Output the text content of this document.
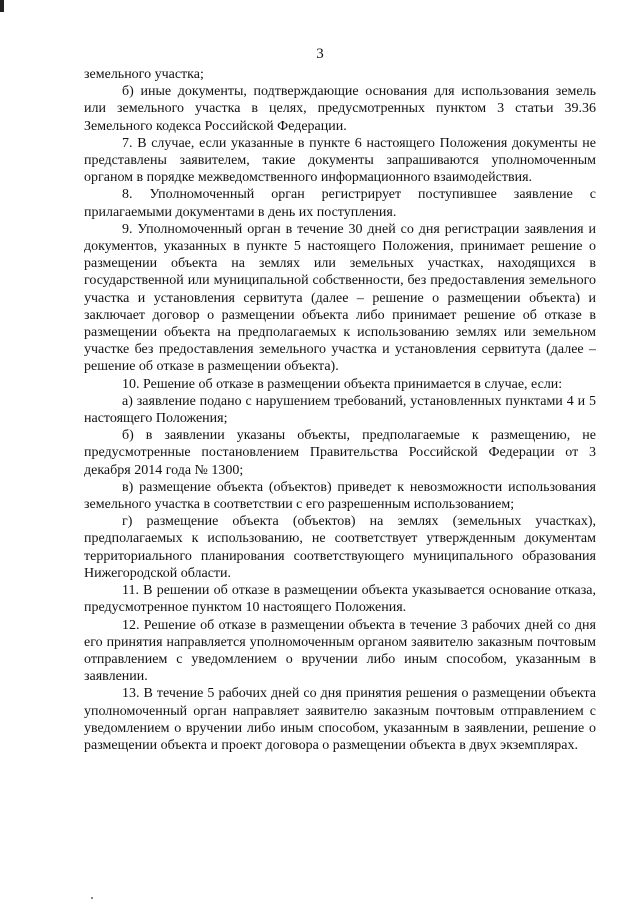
3

земельного участка;

б) иные документы, подтверждающие основания для использования земель или земельного участка в целях, предусмотренных пунктом 3 статьи 39.36 Земельного кодекса Российской Федерации.

7. В случае, если указанные в пункте 6 настоящего Положения документы не представлены заявителем, такие документы запрашиваются уполномоченным органом в порядке межведомственного информационного взаимодействия.

8. Уполномоченный орган регистрирует поступившее заявление с прилагаемыми документами в день их поступления.

9. Уполномоченный орган в течение 30 дней со дня регистрации заявления и документов, указанных в пункте 5 настоящего Положения, принимает решение о размещении объекта на землях или земельных участках, находящихся в государственной или муниципальной собственности, без предоставления земельного участка и установления сервитута (далее – решение о размещении объекта) и заключает договор о размещении объекта либо принимает решение об отказе в размещении объекта на предполагаемых к использованию землях или земельном участке без предоставления земельного участка и установления сервитута (далее – решение об отказе в размещении объекта).

10. Решение об отказе в размещении объекта принимается в случае, если:

а) заявление подано с нарушением требований, установленных пунктами 4 и 5 настоящего Положения;

б) в заявлении указаны объекты, предполагаемые к размещению, не предусмотренные постановлением Правительства Российской Федерации от 3 декабря 2014 года № 1300;

в) размещение объекта (объектов) приведет к невозможности использования земельного участка в соответствии с его разрешенным использованием;

г) размещение объекта (объектов) на землях (земельных участках), предполагаемых к использованию, не соответствует утвержденным документам территориального планирования соответствующего муниципального образования Нижегородской области.

11. В решении об отказе в размещении объекта указывается основание отказа, предусмотренное пунктом 10 настоящего Положения.

12. Решение об отказе в размещении объекта в течение 3 рабочих дней со дня его принятия направляется уполномоченным органом заявителю заказным почтовым отправлением с уведомлением о вручении либо иным способом, указанным в заявлении.

13. В течение 5 рабочих дней со дня принятия решения о размещении объекта уполномоченный орган направляет заявителю заказным почтовым отправлением с уведомлением о вручении либо иным способом, указанным в заявлении, решение о размещении объекта и проект договора о размещении объекта в двух экземплярах.
